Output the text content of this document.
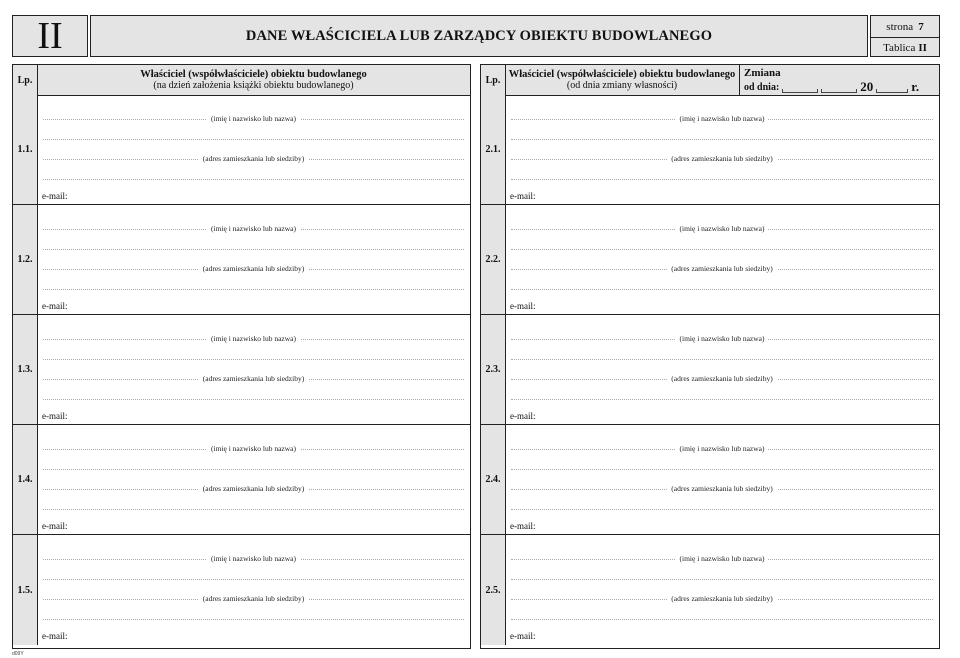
II	DANE WŁAŚCICIELA LUB ZARZĄDCY OBIEKTU BUDOWLANEGO
strona 7
Tablica II
Lp.	Właściciel (współwłaściciele) obiektu budowlanego
(na dzień założenia książki obiektu budowlanego)
1.1.
(imię i nazwisko lub nazwa)
(adres zamieszkania lub siedziby)
e-mail:
1.2.
(imię i nazwisko lub nazwa)
(adres zamieszkania lub siedziby)
e-mail:
1.3.
(imię i nazwisko lub nazwa)
(adres zamieszkania lub siedziby)
e-mail:
1.4.
(imię i nazwisko lub nazwa)
(adres zamieszkania lub siedziby)
e-mail:
1.5.
(imię i nazwisko lub nazwa)
(adres zamieszkania lub siedziby)
e-mail:
Lp. Właściciel (współwłaściciele) obiektu budowlanego
(od dnia zmiany własności)
Zmiana
od dnia:	20	r.
2.1.
(imię i nazwisko lub nazwa)
(adres zamieszkania lub siedziby)
e-mail:
2.2.
(imię i nazwisko lub nazwa)
(adres zamieszkania lub siedziby)
e-mail:
2.3.
(imię i nazwisko lub nazwa)
(adres zamieszkania lub siedziby)
e-mail:
2.4.
(imię i nazwisko lub nazwa)
(adres zamieszkania lub siedziby)
e-mail:
2.5.
(imię i nazwisko lub nazwa)
(adres zamieszkania lub siedziby)
e-mail:
d09Y
